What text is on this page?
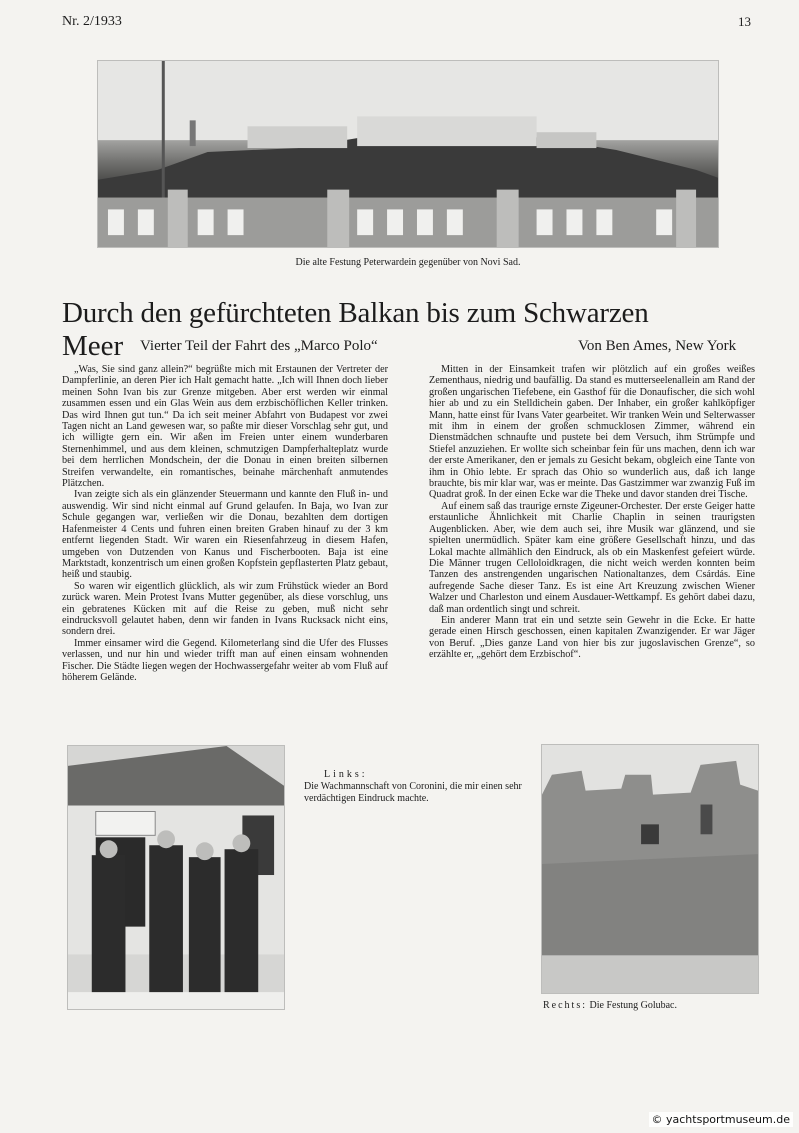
Nr. 2/1933	13
Die alte Festung Peterwardein gegenüber von Novi Sad.
Durch den gefürchteten Balkan bis zum Schwarzen
Meer Vierter Teil der Fahrt des „Marco Polo“	Von Ben Ames, New York

„Was, Sie sind ganz allein?“ begrüßte mich mit Erstaunen der Vertreter der Dampferlinie, an deren Pier ich Halt gemacht hatte. „Ich will Ihnen doch lieber meinen Sohn Ivan bis zur Grenze mitgeben. Aber erst werden wir einmal zusammen essen und ein Glas Wein aus dem erzbischöflichen Keller trinken. Das wird Ihnen gut tun.“ Da ich seit meiner Abfahrt von Budapest vor zwei Tagen nicht an Land gewesen war, so paßte mir dieser Vorschlag sehr gut, und ich willigte gern ein. Wir aßen im Freien unter einem wunderbaren Sternenhimmel, und aus dem kleinen, schmutzigen Dampferhalteplatz wurde bei dem herrlichen Mondschein, der die Donau in einen breiten silbernen Streifen verwandelte, ein romantisches, beinahe märchenhaft anmutendes Plätzchen.

Ivan zeigte sich als ein glänzender Steuermann und kannte den Fluß in- und auswendig. Wir sind nicht einmal auf Grund gelaufen. In Baja, wo Ivan zur Schule gegangen war, verließen wir die Donau, bezahlten dem dortigen Hafenmeister 4 Cents und fuhren einen breiten Graben hinauf zu der 3 km entfernt liegenden Stadt. Wir waren ein Riesenfahrzeug in diesem Hafen, umgeben von Dutzenden von Kanus und Fischerbooten. Baja ist eine Marktstadt, konzentrisch um einen großen Kopfstein gepflasterten Platz gebaut, heiß und staubig.

So waren wir eigentlich glücklich, als wir zum Frühstück wieder an Bord zurück waren. Mein Protest Ivans Mutter gegenüber, als diese vorschlug, uns ein gebratenes Kücken mit auf die Reise zu geben, muß nicht sehr eindrucksvoll gelautet haben, denn wir fanden in Ivans Rucksack nicht eins, sondern drei.

Immer einsamer wird die Gegend. Kilometerlang sind die Ufer des Flusses verlassen, und nur hin und wieder trifft man auf einen einsam wohnenden Fischer. Die Städte liegen wegen der Hochwassergefahr weiter ab vom Fluß auf höherem Gelände.

Mitten in der Einsamkeit trafen wir plötzlich auf ein großes weißes Zementhaus, niedrig und baufällig. Da stand es mutterseelenallein am Rand der großen ungarischen Tiefebene, ein Gasthof für die Donaufischer, die sich wohl hier ab und zu ein Stelldichein gaben. Der Inhaber, ein großer kahlköpfiger Mann, hatte einst für Ivans Vater gearbeitet. Wir tranken Wein und Selterwasser mit ihm in einem der großen schmucklosen Zimmer, während ein Dienstmädchen schnaufte und pustete bei dem Versuch, ihm Strümpfe und Stiefel anzuziehen. Er wollte sich scheinbar fein für uns machen, denn ich war der erste Amerikaner, den er jemals zu Gesicht bekam, obgleich eine Tante von ihm in Ohio lebte. Er sprach das Ohio so wunderlich aus, daß ich lange brauchte, bis mir klar war, was er meinte. Das Gastzimmer war zwanzig Fuß im Quadrat groß. In der einen Ecke war die Theke und davor standen drei Tische.

Auf einem saß das traurige ernste Zigeuner-Orchester. Der erste Geiger hatte erstaunliche Ähnlichkeit mit Charlie Chaplin in seinen traurigsten Augenblicken. Aber, wie dem auch sei, ihre Musik war glänzend, und sie spielten unermüdlich. Später kam eine größere Gesellschaft hinzu, und das Lokal machte allmählich den Eindruck, als ob ein Maskenfest gefeiert würde. Die Männer trugen Celloloidkragen, die nicht weich werden konnten beim Tanzen des anstrengenden ungarischen Nationaltanzes, dem Csárdás. Eine aufregende Sache dieser Tanz. Es ist eine Art Kreuzung zwischen Wiener Walzer und Charleston und einem Ausdauer-Wettkampf. Es gehört dabei dazu, daß man ordentlich singt und schreit.

Ein anderer Mann trat ein und setzte sein Gewehr in die Ecke. Er hatte gerade einen Hirsch geschossen, einen kapitalen Zwanzigender. Er war Jäger von Beruf. „Dies ganze Land von hier bis zur jugoslavischen Grenze“, so erzählte er, „gehört dem Erzbischof“.

Links:
Die Wachmannschaft von Coronini, die mir einen sehr verdächtigen Eindruck machte.
Rechts: Die Festung Golubac.
© yachtsportmuseum.de
